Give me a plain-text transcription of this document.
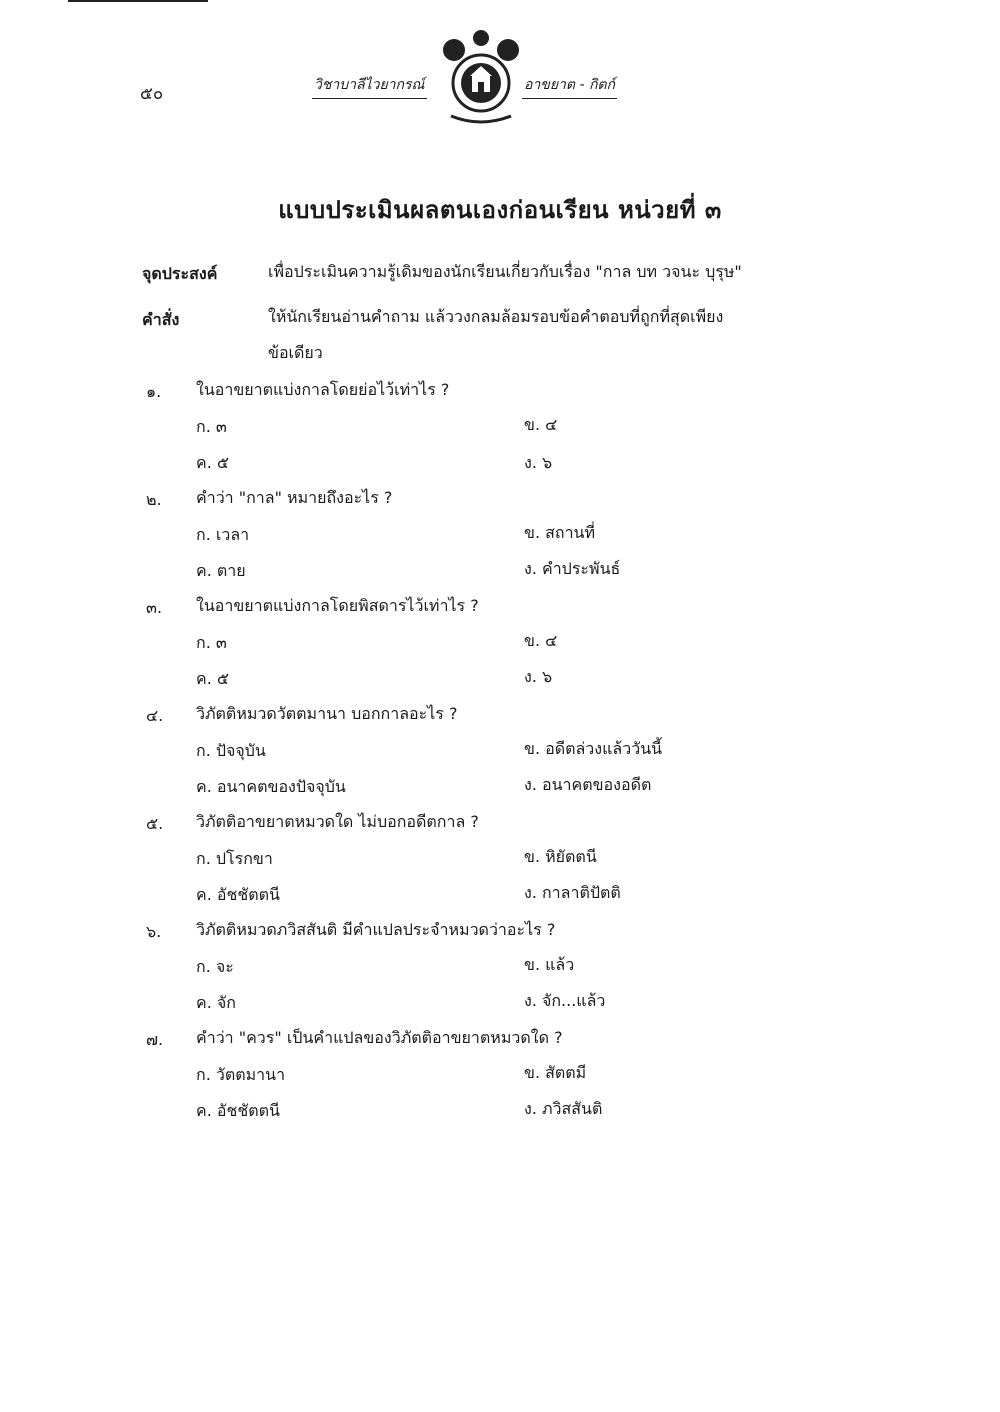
๕๐	วิชาบาลีไวยากรณ์	อาขยาต - กิตก์
แบบประเมินผลตนเองก่อนเรียน หน่วยที่ ๓
จุดประสงค์	เพื่อประเมินความรู้เดิมของนักเรียนเกี่ยวกับเรื่อง "กาล บท วจนะ บุรุษ"
คำสั่ง	ให้นักเรียนอ่านคำถาม แล้ววงกลมล้อมรอบข้อคำตอบที่ถูกที่สุดเพียง
ข้อเดียว
๑. ในอาขยาตแบ่งกาลโดยย่อไว้เท่าไร ?
ก. ๓	ข. ๔
ค. ๕	ง. ๖
๒. คำว่า "กาล" หมายถึงอะไร ?
ก. เวลา	ข. สถานที่
ค. ตาย	ง. คำประพันธ์
๓. ในอาขยาตแบ่งกาลโดยพิสดารไว้เท่าไร ?
ก. ๓	ข. ๔
ค. ๕	ง. ๖
๔. วิภัตติหมวดวัตตมานา บอกกาลอะไร ?
ก. ปัจจุบัน	ข. อดีตล่วงแล้ววันนี้
ค. อนาคตของปัจจุบัน	ง. อนาคตของอดีต
๕. วิภัตติอาขยาตหมวดใด ไม่บอกอดีตกาล ?
ก. ปโรกขา	ข. หิยัตตนี
ค. อัชชัตตนี	ง. กาลาติปัตติ
๖. วิภัตติหมวดภวิสสันติ มีคำแปลประจำหมวดว่าอะไร ?
ก. จะ	ข. แล้ว
ค. จัก	ง. จัก...แล้ว
๗. คำว่า "ควร" เป็นคำแปลของวิภัตติอาขยาตหมวดใด ?
ก. วัตตมานา	ข. สัตตมี
ค. อัชชัตตนี	ง. ภวิสสันติ
